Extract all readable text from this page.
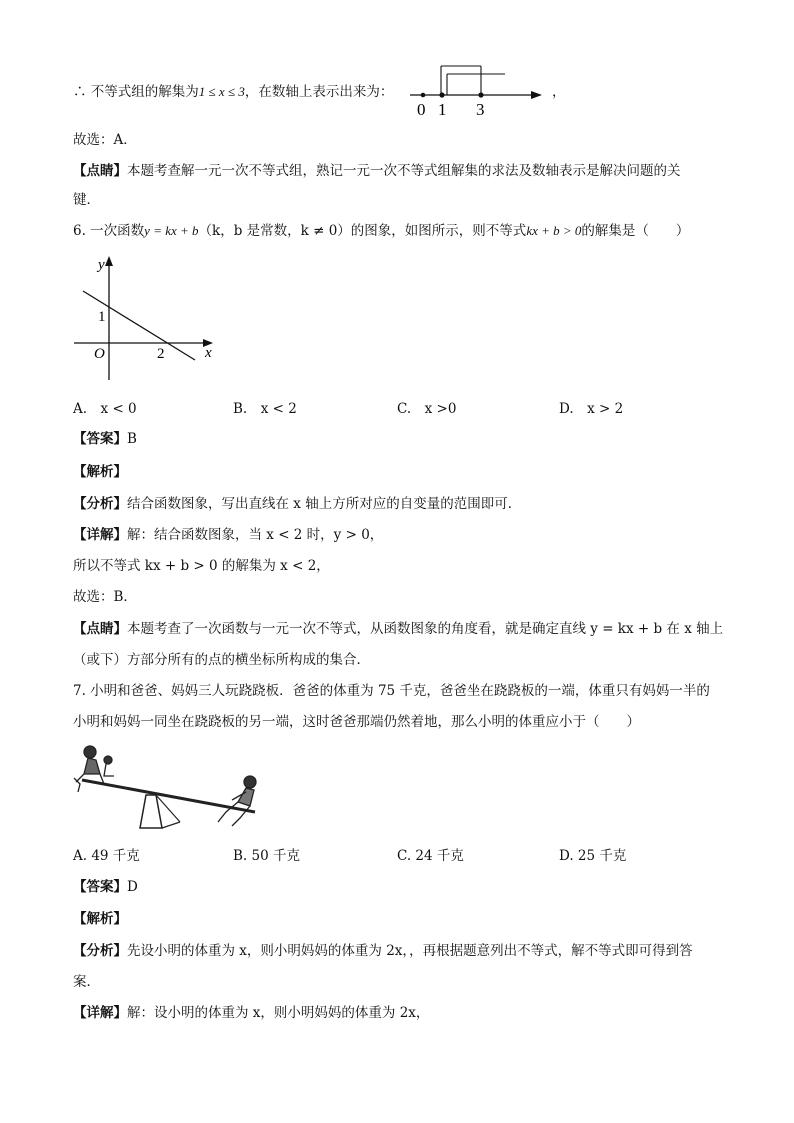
∴ 不等式组的解集为1 ≤ x ≤ 3，在数轴上表示出来为：
0 1 3
，
故选：A．
【点睛】本题考查解一元一次不等式组，熟记一元一次不等式组解集的求法及数轴表示是解决问题的关
键．
6. 一次函数y = kx + b（k，b 是常数，k ≠ 0）的图象，如图所示，则不等式kx + b > 0的解集是（　　）
y
x
O
1
2
A.　x < 0	B.　x < 2	C.　x >0	D.　x > 2
【答案】B
【解析】
【分析】结合函数图象，写出直线在 x 轴上方所对应的自变量的范围即可．
【详解】解：结合函数图象，当 x < 2 时，y > 0，
所以不等式 kx + b > 0 的解集为 x < 2，
故选：B．
【点睛】本题考查了一次函数与一元一次不等式，从函数图象的角度看，就是确定直线 y = kx + b 在 x 轴上
（或下）方部分所有的点的横坐标所构成的集合．
7. 小明和爸爸、妈妈三人玩跷跷板．爸爸的体重为 75 千克，爸爸坐在跷跷板的一端，体重只有妈妈一半的
小明和妈妈一同坐在跷跷板的另一端，这时爸爸那端仍然着地，那么小明的体重应小于（　　）
A. 49 千克	B. 50 千克	C. 24 千克	D. 25 千克
【答案】D
【解析】
【分析】先设小明的体重为 x，则小明妈妈的体重为 2x，，再根据题意列出不等式，解不等式即可得到答
案．
【详解】解：设小明的体重为 x，则小明妈妈的体重为 2x，
